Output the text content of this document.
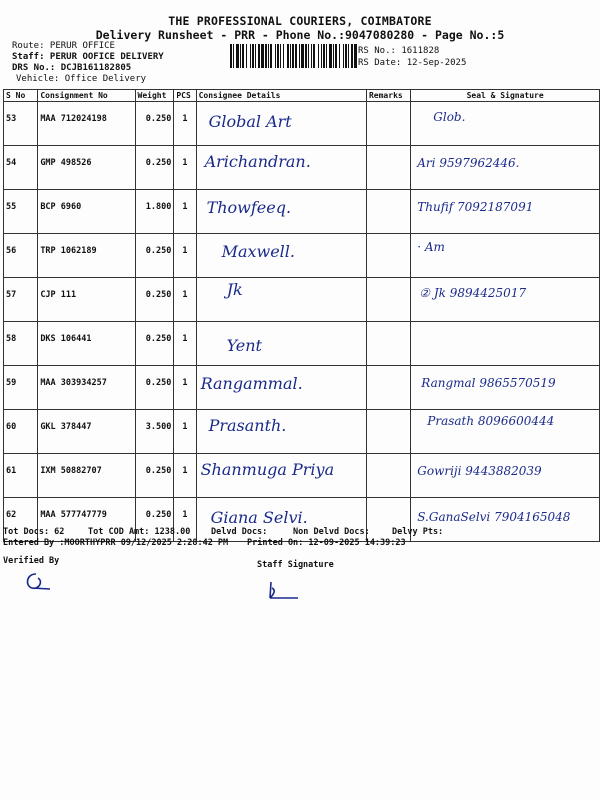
THE PROFESSIONAL COURIERS, COIMBATORE
Delivery Runsheet - PRR - Phone No.:9047080280 - Page No.:5
Route: PERUR OFFICE
Staff: PERUR OOFICE DELIVERY
DRS No.: DCJB161182805
Vehicle: Office Delivery
RS No.: 1611828
RS Date: 12-Sep-2025
S No	Consignment No	Weight	PCS	Consignee Details	Remarks	Seal & Signature

53	MAA 712024198	0.250	1	Global Art		Glob.

54	GMP 498526	0.250	1	Arichandran.		Ari 9597962446.

55	BCP 6960	1.800	1	Thowfeeq.		Thufif 7092187091

56	TRP 1062189	0.250	1	Maxwell.		· Am

57	CJP 111	0.250	1	Jk		② Jk 9894425017

58	DKS 106441	0.250	1	Yent		

59	MAA 303934257	0.250	1	Rangammal.		Rangmal 9865570519

60	GKL 378447	3.500	1	Prasanth.		Prasath 8096600444

61	IXM 50882707	0.250	1	Shanmuga Priya		Gowriji 9443882039

62	MAA 577747779	0.250	1	Giana Selvi.		S.GanaSelvi 7904165048
Tot Docs: 62	Tot COD Amt: 1238.00 Delvd Docs:	Non Delvd Docs:	Delvy Pts:
Entered By :MOORTHYPRR 09/12/2025 2:28:42 PM Printed On: 12-09-2025 14:39:23
Verified By	Staff Signature
